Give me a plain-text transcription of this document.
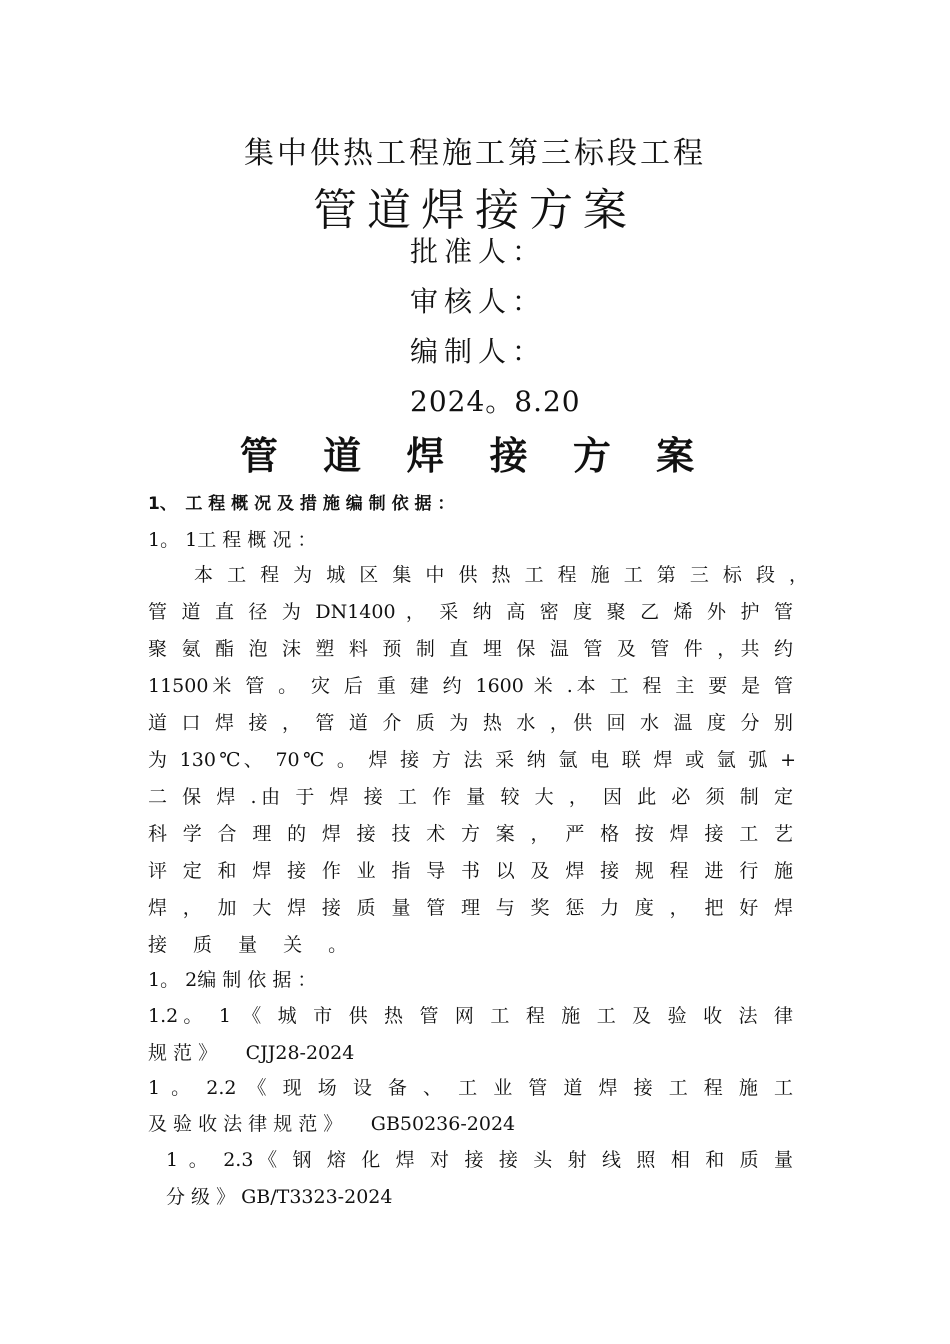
集中供热工程施工第三标段工程
管道焊接方案
批准人：
审核人：
编制人：
2024。8.20
管 道 焊 接 方 案
1、　工 程 概 况 及 措 施 编 制 依 据 ：
1。 1工 程 概 况 ：
　　本 工 程 为 城 区 集 中 供 热 工 程 施 工 第 三 标 段 ，
管 道 直 径 为 DN1400 ， 采 纳 高 密 度 聚 乙 烯 外 护 管
聚 氨 酯 泡 沫 塑 料 预 制 直 埋 保 温 管 及 管 件 ，共 约
11500米 管 。 灾 后 重 建 约 1600 米 .本 工 程 主 要 是 管
道 口 焊 接 ， 管 道 介 质 为 热 水 ，供 回 水 温 度 分 别
为 130℃、 70℃ 。 焊 接 方 法 采 纳 氩 电 联 焊 或 氩 弧 +
二 保 焊 .由 于 焊 接 工 作 量 较 大 ， 因 此 必 须 制 定
科 学 合 理 的 焊 接 技 术 方 案 ， 严 格 按 焊 接 工 艺
评 定 和 焊 接 作 业 指 导 书 以 及 焊 接 规 程 进 行 施
焊 ， 加 大 焊 接 质 量 管 理 与 奖 惩 力 度 ， 把 好 焊
接 质 量 关 。
1。 2编 制 依 据 ：
1.2。 1 《 城 市 供 热 管 网 工 程 施 工 及 验 收 法 律
规 范 》　　CJJ28-2024
1 。 2.2 《 现 场 设 备 、 工 业 管 道 焊 接 工 程 施 工
及 验 收 法 律 规 范 》　　GB50236-2024
1 。 2.3《 钢 熔 化 焊 对 接 接 头 射 线 照 相 和 质 量
分 级 》 GB/T3323-2024
